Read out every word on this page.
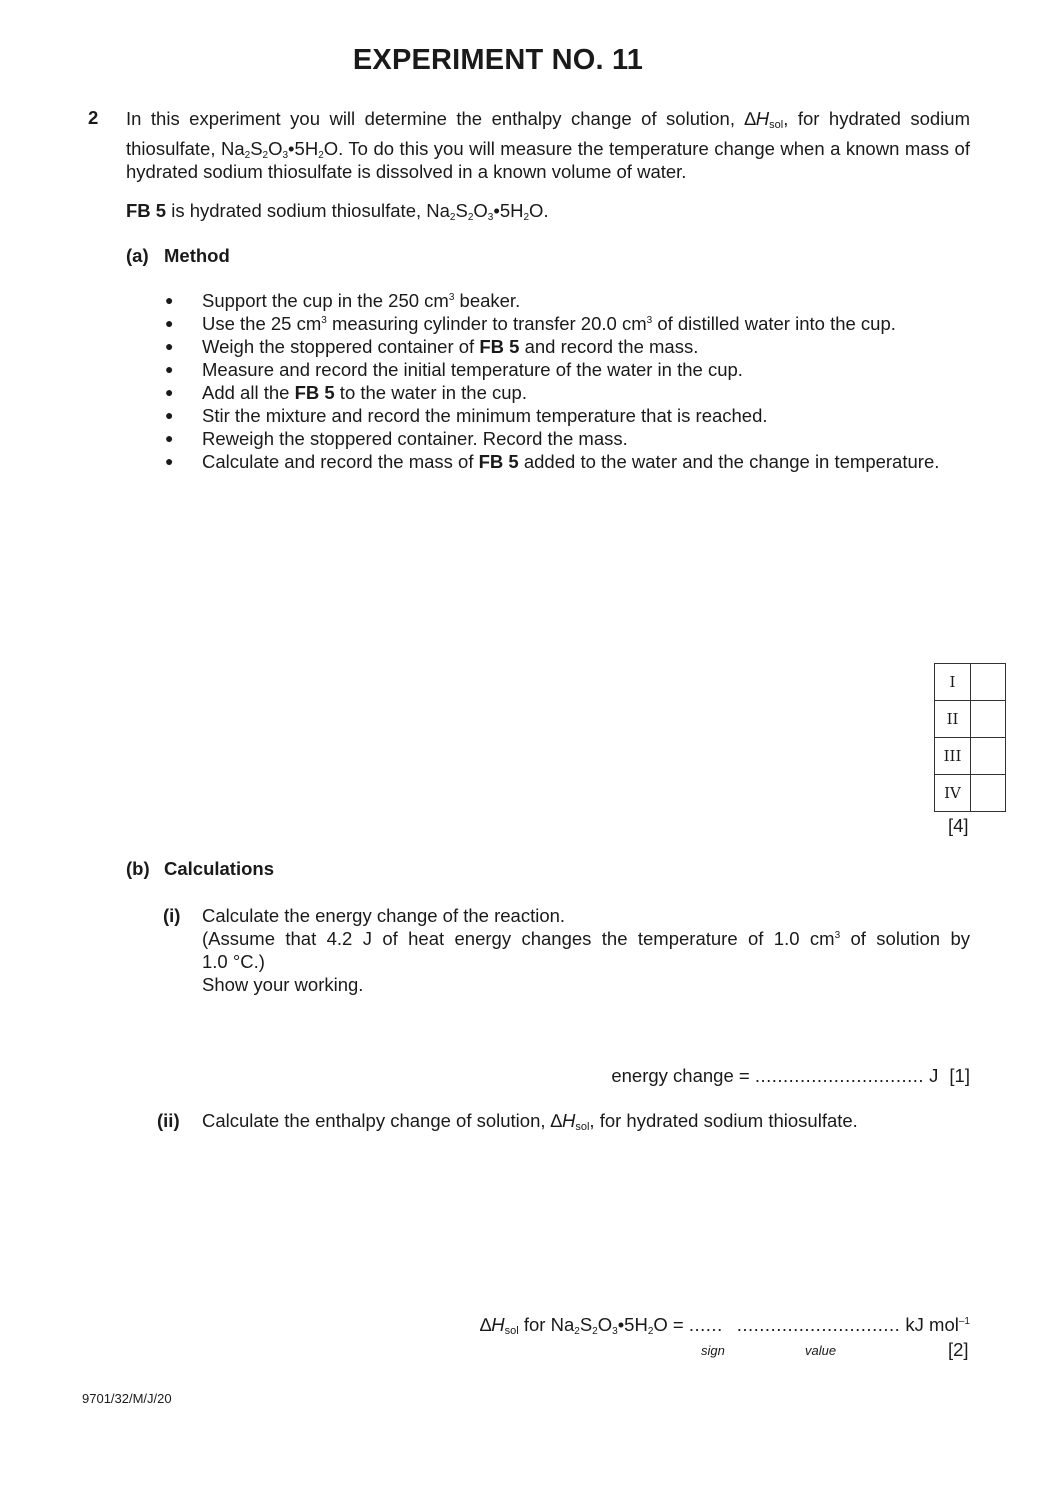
EXPERIMENT NO. 11
2 In this experiment you will determine the enthalpy change of solution, ∆Hsol, for hydrated sodium thiosulfate, $Na_2S_2O_3•5H_2O$. To do this you will measure the temperature change when a known mass of hydrated sodium thiosulfate is dissolved in a known volume of water.
FB 5 is hydrated sodium thiosulfate, $Na_2S_2O_3•5H_2O$.
(a) Method
● Support the cup in the 250 $cm^3$ beaker.
● Use the 25 $cm^3$ measuring cylinder to transfer 20.0 $cm^3$ of distilled water into the cup.
● Weigh the stoppered container of FB 5 and record the mass.
● Measure and record the initial temperature of the water in the cup.
● Add all the FB 5 to the water in the cup.
● Stir the mixture and record the minimum temperature that is reached.
● Reweigh the stoppered container. Record the mass.
● Calculate and record the mass of FB 5 added to the water and the change in temperature.
I	
II	
III	
IV	
[4]
(b) Calculations
(i) Calculate the energy change of the reaction.
(Assume that 4.2 J of heat energy changes the temperature of 1.0 $cm^3$ of solution by
1.0 °C.)
Show your working.
energy change = .............................. J [1]
(ii) Calculate the enthalpy change of solution, ∆Hsol, for hydrated sodium thiosulfate.
∆Hsol for $Na_2S_2O_3•5H_2O$ = ...... ............................. kJ mol$^{-1}$
sign	value	[2]
9701/32/M/J/20
